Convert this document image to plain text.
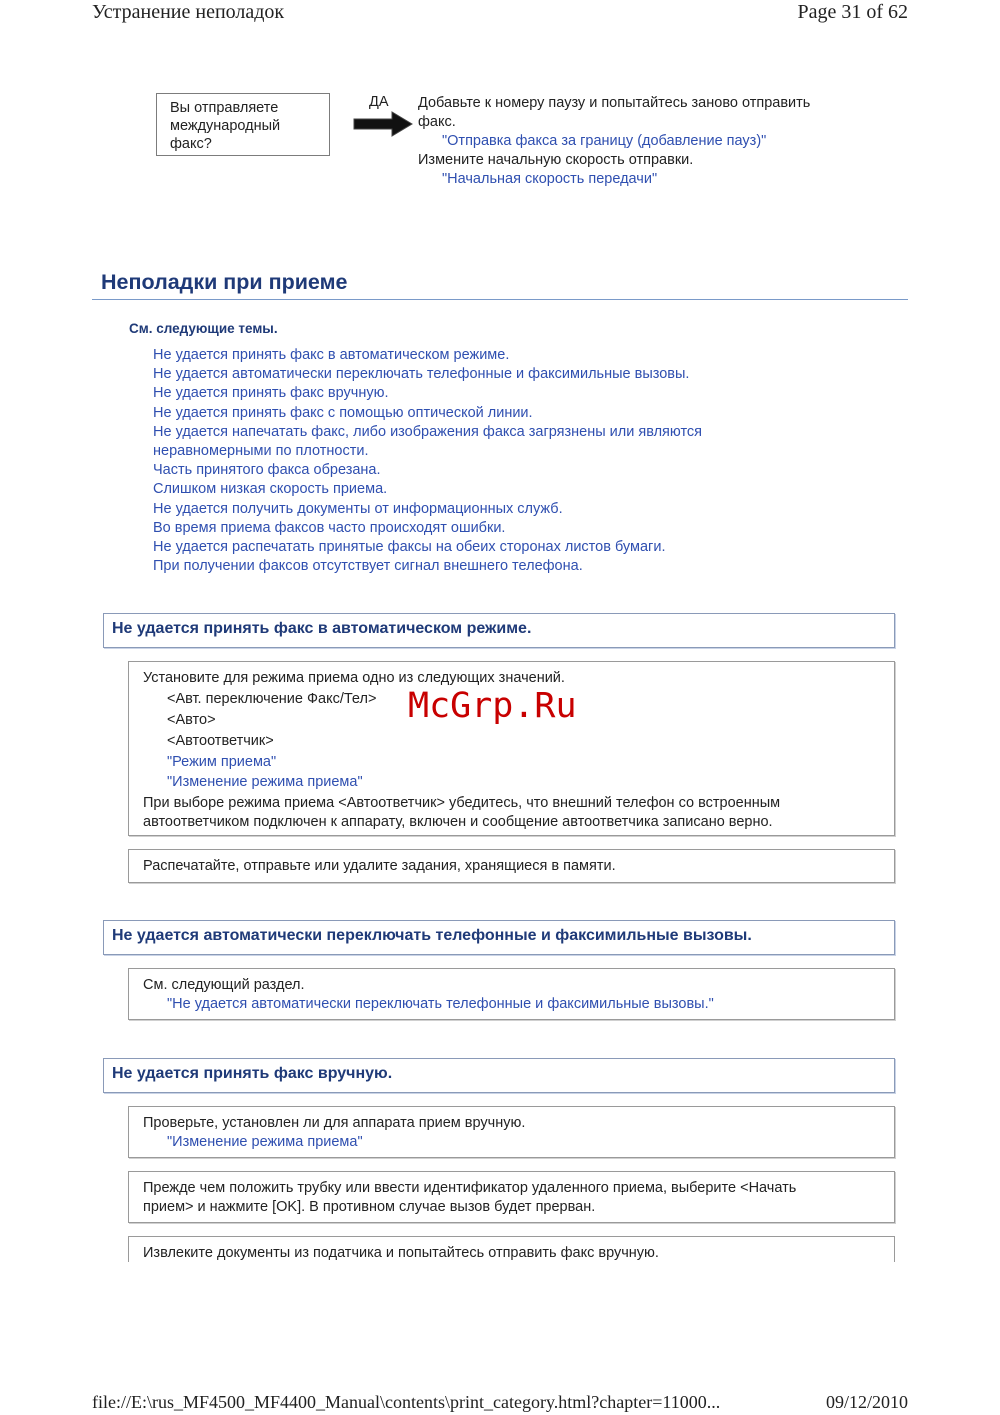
Устранение неполадок	Page 31 of 62
Вы отправляете
международный
факс?
ДА Добавьте к номеру паузу и попытайтесь заново отправить
факс.
"Отправка факса за границу (добавление пауз)"
Измените начальную скорость отправки.
"Начальная скорость передачи"
Неполадки при приеме
См. следующие темы.
Не удается принять факс в автоматическом режиме.
Не удается автоматически переключать телефонные и факсимильные вызовы.
Не удается принять факс вручную.
Не удается принять факс с помощью оптической линии.
Не удается напечатать факс, либо изображения факса загрязнены или являются
неравномерными по плотности.
Часть принятого факса обрезана.
Слишком низкая скорость приема.
Не удается получить документы от информационных служб.
Во время приема факсов часто происходят ошибки.
Не удается распечатать принятые факсы на обеих сторонах листов бумаги.
При получении факсов отсутствует сигнал внешнего телефона.
Не удается принять факс в автоматическом режиме.
Установите для режима приема одно из следующих значений.
<Авт. переключение Факс/Тел>
<Авто>
<Автоответчик>
"Режим приема"
"Изменение режима приема"
При выборе режима приема <Автоответчик> убедитесь, что внешний телефон со встроенным
автоответчиком подключен к аппарату, включен и сообщение автоответчика записано верно.
Распечатайте, отправьте или удалите задания, хранящиеся в памяти.
McGrp.Ru
Не удается автоматически переключать телефонные и факсимильные вызовы.
См. следующий раздел.
"Не удается автоматически переключать телефонные и факсимильные вызовы."
Не удается принять факс вручную.
Проверьте, установлен ли для аппарата прием вручную.
"Изменение режима приема"
Прежде чем положить трубку или ввести идентификатор удаленного приема, выберите <Начать
прием> и нажмите [OK]. В противном случае вызов будет прерван.
Извлеките документы из податчика и попытайтесь отправить факс вручную.
file://E:\rus_MF4500_MF4400_Manual\contents\print_category.html?chapter=11000...	09/12/2010
